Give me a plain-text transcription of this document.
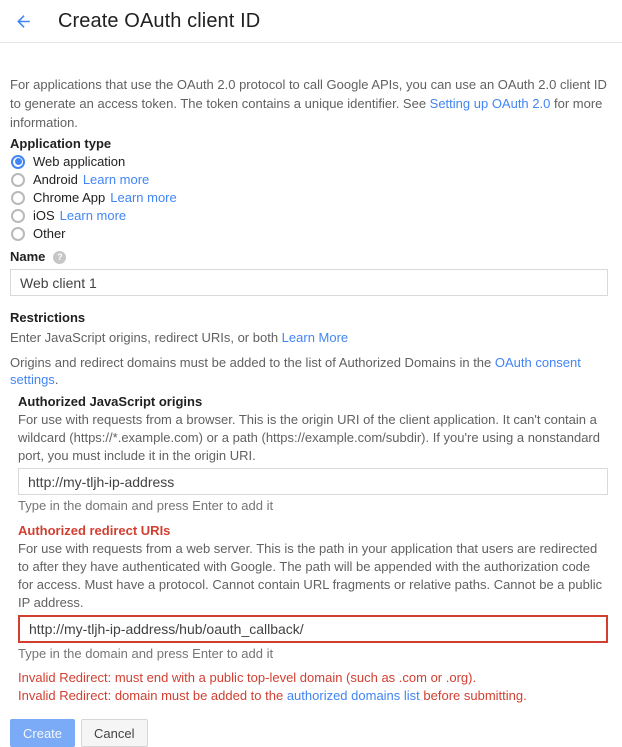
Create OAuth client ID

For applications that use the OAuth 2.0 protocol to call Google APIs, you can use an OAuth 2.0 client ID to generate an access token. The token contains a unique identifier. See Setting up OAuth 2.0 for more information.

Application type
Web application
Android Learn more
Chrome App Learn more
iOS Learn more
Other
Name	?
Web client 1
Restrictions
Enter JavaScript origins, redirect URIs, or both Learn More
Origins and redirect domains must be added to the list of Authorized Domains in the OAuth consent settings.
Authorized JavaScript origins
For use with requests from a browser. This is the origin URI of the client application. It can't contain a wildcard (https://*.example.com) or a path (https://example.com/subdir). If you're using a nonstandard port, you must include it in the origin URI.
http://my-tljh-ip-address
Type in the domain and press Enter to add it
Authorized redirect URIs
For use with requests from a web server. This is the path in your application that users are redirected to after they have authenticated with Google. The path will be appended with the authorization code for access. Must have a protocol. Cannot contain URL fragments or relative paths. Cannot be a public IP address.
http://my-tljh-ip-address/hub/oauth_callback/
Type in the domain and press Enter to add it
Invalid Redirect: must end with a public top-level domain (such as .com or .org).
Invalid Redirect: domain must be added to the authorized domains list before submitting.
Create	Cancel
